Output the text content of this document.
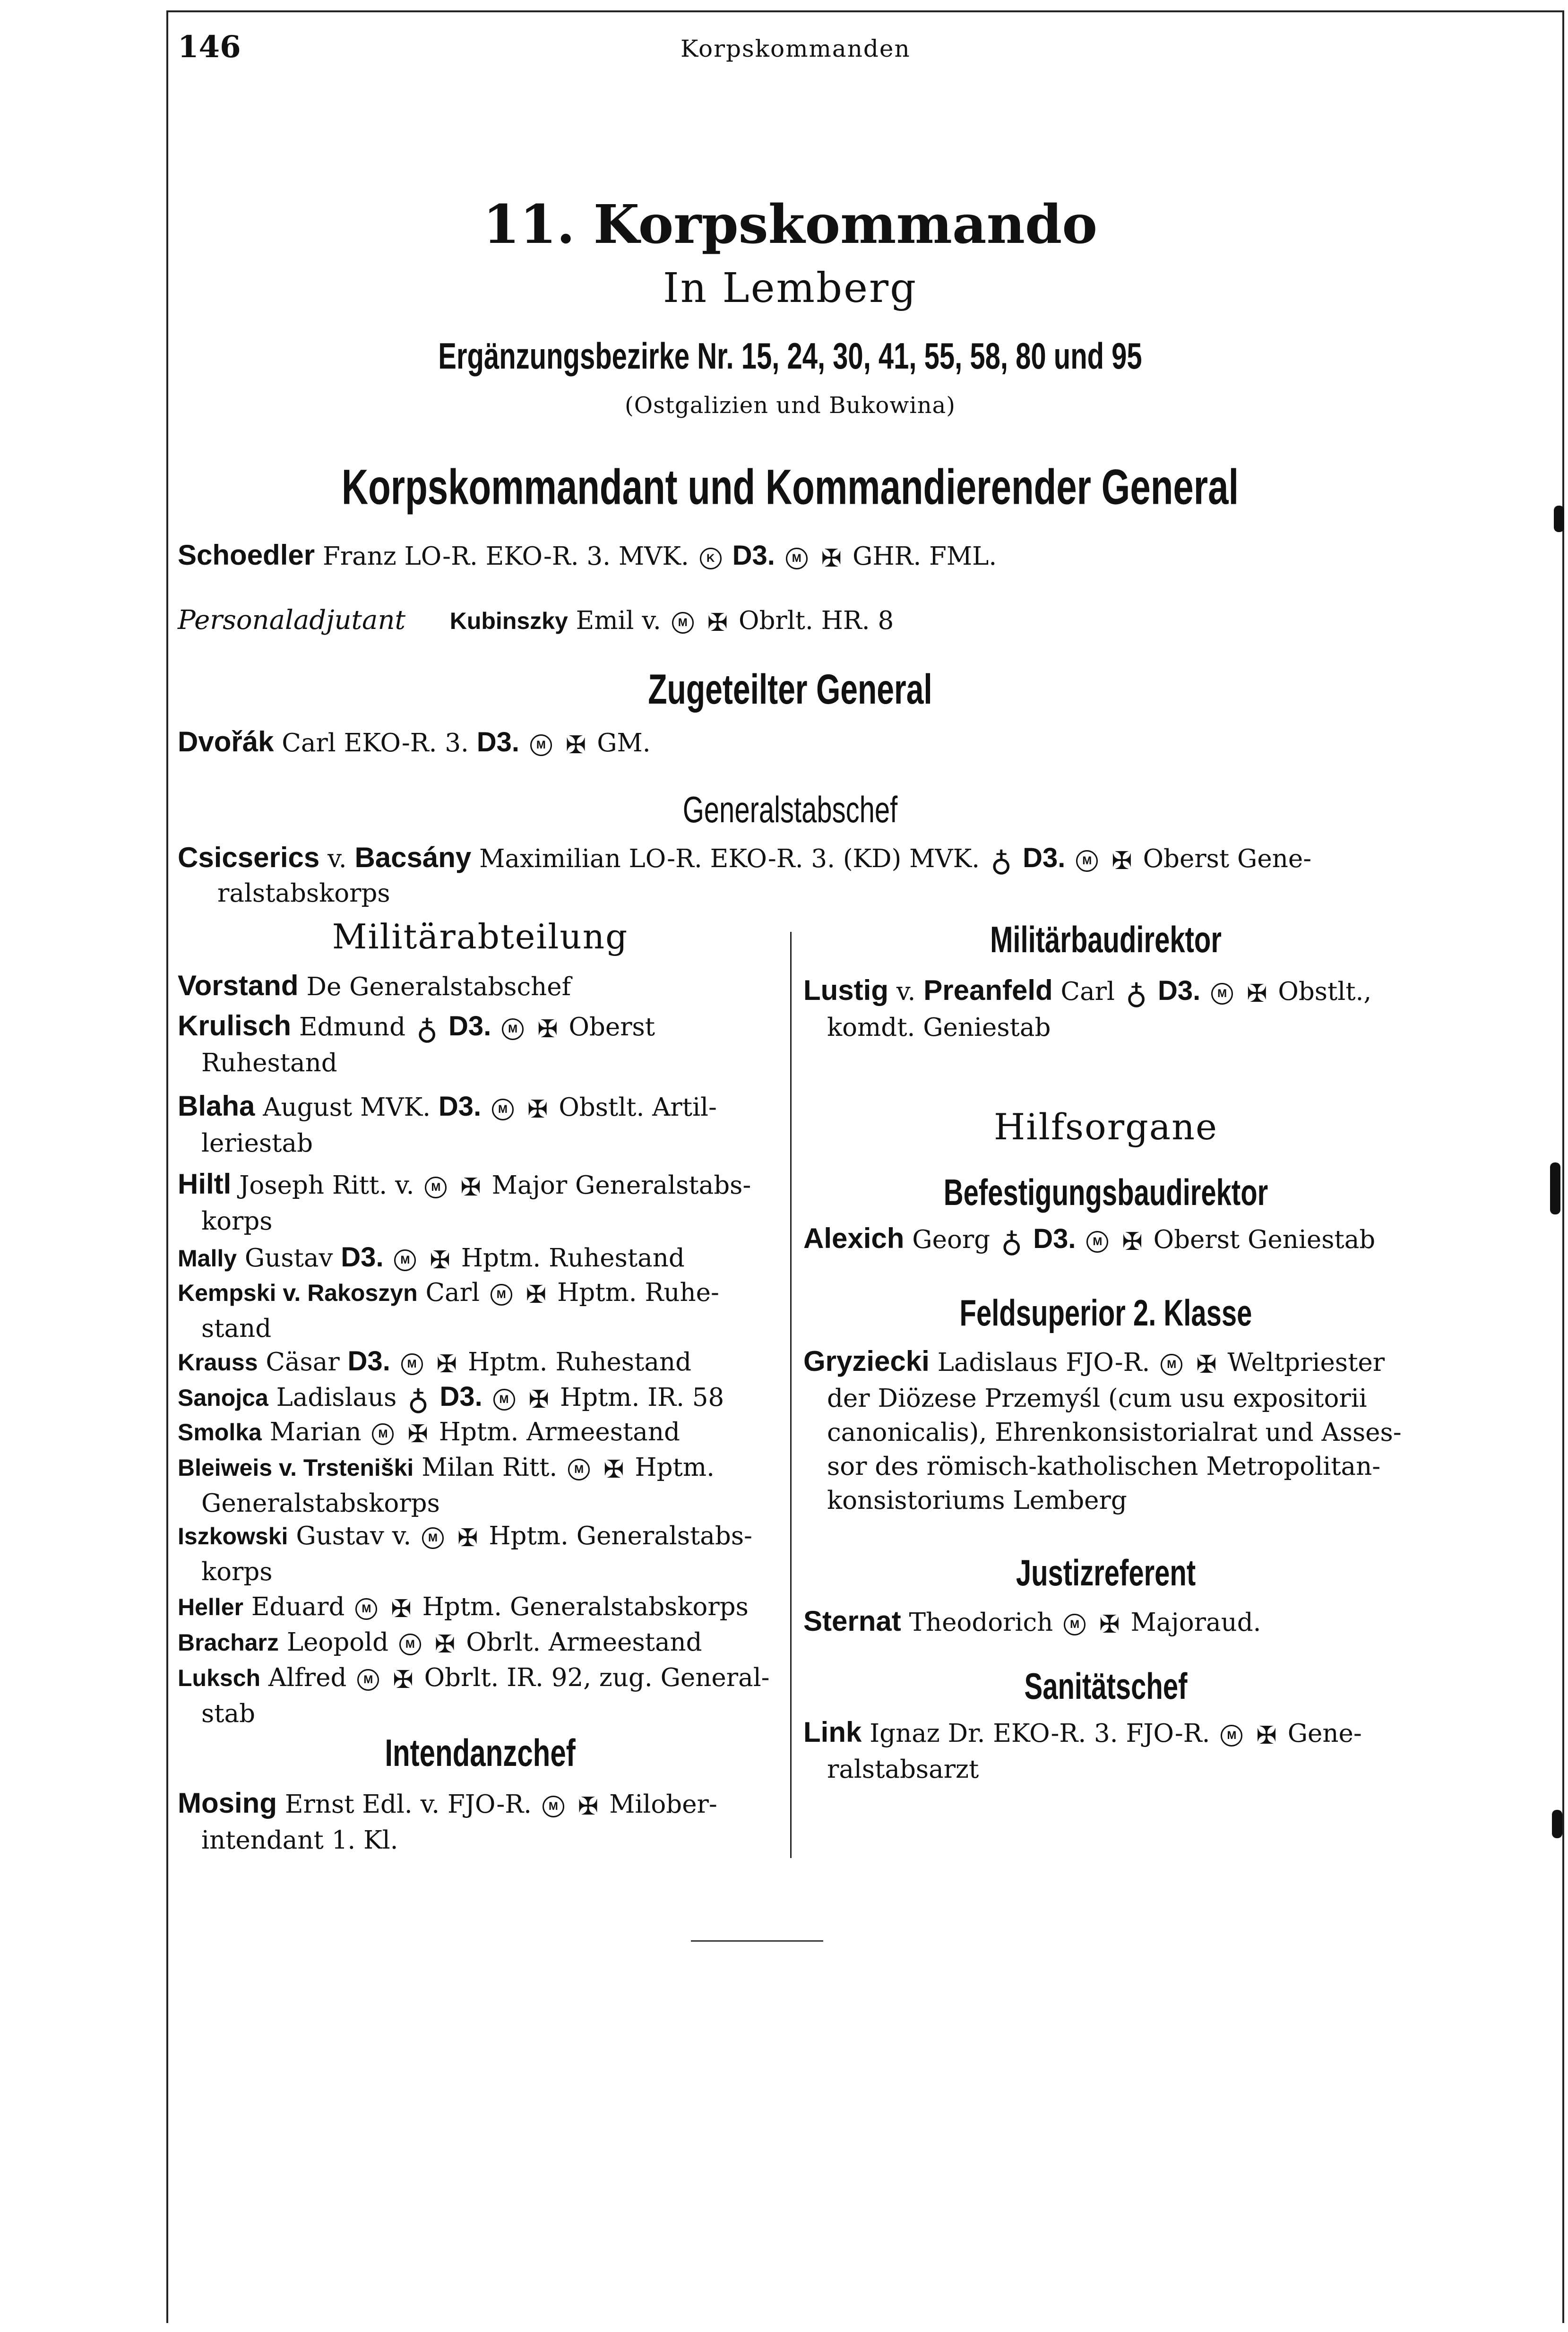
146	Korpskommanden
11. Korpskommando
In Lemberg
Ergänzungsbezirke Nr. 15, 24, 30, 41, 55, 58, 80 und 95
(Ostgalizien und Bukowina)
Korpskommandant und Kommandierender General
Schoedler Franz LO-R. EKO-R. 3. MVK. K D3. M ✠ GHR. FML.
Personaladjutant Kubinszky Emil v. M ✠ Obrlt. HR. 8
Zugeteilter General
Dvořák Carl EKO-R. 3. D3. M ✠ GM.
Generalstabschef
Csicserics v. Bacsány Maximilian LO-R. EKO-R. 3. (KD) MVK. ♁ D3. M ✠ Oberst Gene-
ralstabskorps
Militärabteilung
Vorstand De Generalstabschef
Krulisch Edmund ♁ D3. M ✠ Oberst
Ruhestand
Blaha August MVK. D3. M ✠ Obstlt. Artil-
leriestab
Hiltl Joseph Ritt. v. M ✠ Major Generalstabs-
korps
Mally Gustav D3. M ✠ Hptm. Ruhestand
Kempski v. Rakoszyn Carl M ✠ Hptm. Ruhe-
stand
Krauss Cäsar D3. M ✠ Hptm. Ruhestand
Sanojca Ladislaus ♁ D3. M ✠ Hptm. IR. 58
Smolka Marian M ✠ Hptm. Armeestand
Bleiweis v. Trsteniški Milan Ritt. M ✠ Hptm.
Generalstabskorps
Iszkowski Gustav v. M ✠ Hptm. Generalstabs-
korps
Heller Eduard M ✠ Hptm. Generalstabskorps
Bracharz Leopold M ✠ Obrlt. Armeestand
Luksch Alfred M ✠ Obrlt. IR. 92, zug. General-
stab
Intendanzchef
Mosing Ernst Edl. v. FJO-R. M ✠ Milober-
intendant 1. Kl.
Militärbaudirektor
Lustig v. Preanfeld Carl ♁ D3. M ✠ Obstlt.,
komdt. Geniestab
Hilfsorgane
Befestigungsbaudirektor
Alexich Georg ♁ D3. M ✠ Oberst Geniestab
Feldsuperior 2. Klasse
Gryziecki Ladislaus FJO-R. M ✠ Weltpriester
der Diözese Przemyśl (cum usu expositorii
canonicalis), Ehrenkonsistorialrat und Asses-
sor des römisch-katholischen Metropolitan-
konsistoriums Lemberg
Justizreferent
Sternat Theodorich M ✠ Majoraud.
Sanitätschef
Link Ignaz Dr. EKO-R. 3. FJO-R. M ✠ Gene-
ralstabsarzt
